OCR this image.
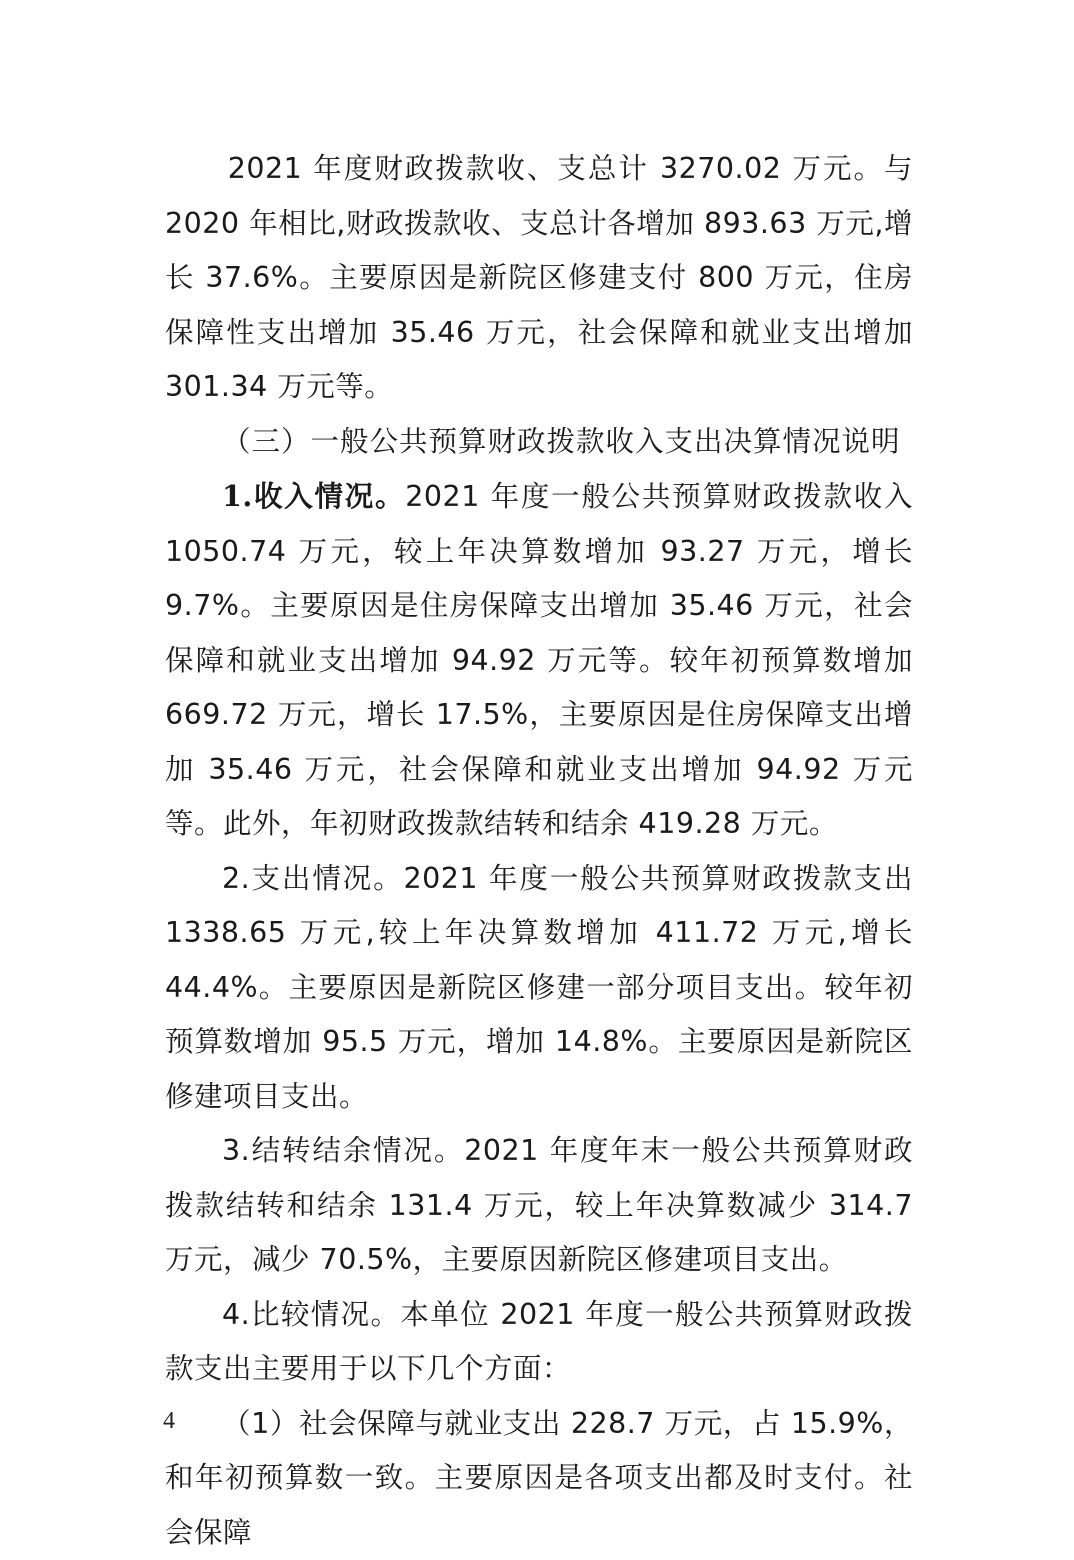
2021 年度财政拨款收、支总计 3270.02 万元。与 2020 年相比,财政拨款收、支总计各增加 893.63 万元,增长 37.6%。主要原因是新院区修建支付 800 万元，住房保障性支出增加 35.46 万元，社会保障和就业支出增加 301.34 万元等。

（三）一般公共预算财政拨款收入支出决算情况说明

1.收入情况。2021 年度一般公共预算财政拨款收入 1050.74 万元，较上年决算数增加 93.27 万元，增长 9.7%。主要原因是住房保障支出增加 35.46 万元，社会保障和就业支出增加 94.92 万元等。较年初预算数增加 669.72 万元，增长 17.5%，主要原因是住房保障支出增加 35.46 万元，社会保障和就业支出增加 94.92 万元等。此外，年初财政拨款结转和结余 419.28 万元。

2.支出情况。2021 年度一般公共预算财政拨款支出 1338.65 万元,较上年决算数增加 411.72 万元,增长 44.4%。主要原因是新院区修建一部分项目支出。较年初预算数增加 95.5 万元，增加 14.8%。主要原因是新院区修建项目支出。

3.结转结余情况。2021 年度年末一般公共预算财政拨款结转和结余 131.4 万元，较上年决算数减少 314.7 万元，减少 70.5%，主要原因新院区修建项目支出。

4.比较情况。本单位 2021 年度一般公共预算财政拨款支出主要用于以下几个方面：

（1）社会保障与就业支出 228.7 万元，占 15.9%，和年初预算数一致。主要原因是各项支出都及时支付。社会保障

4
